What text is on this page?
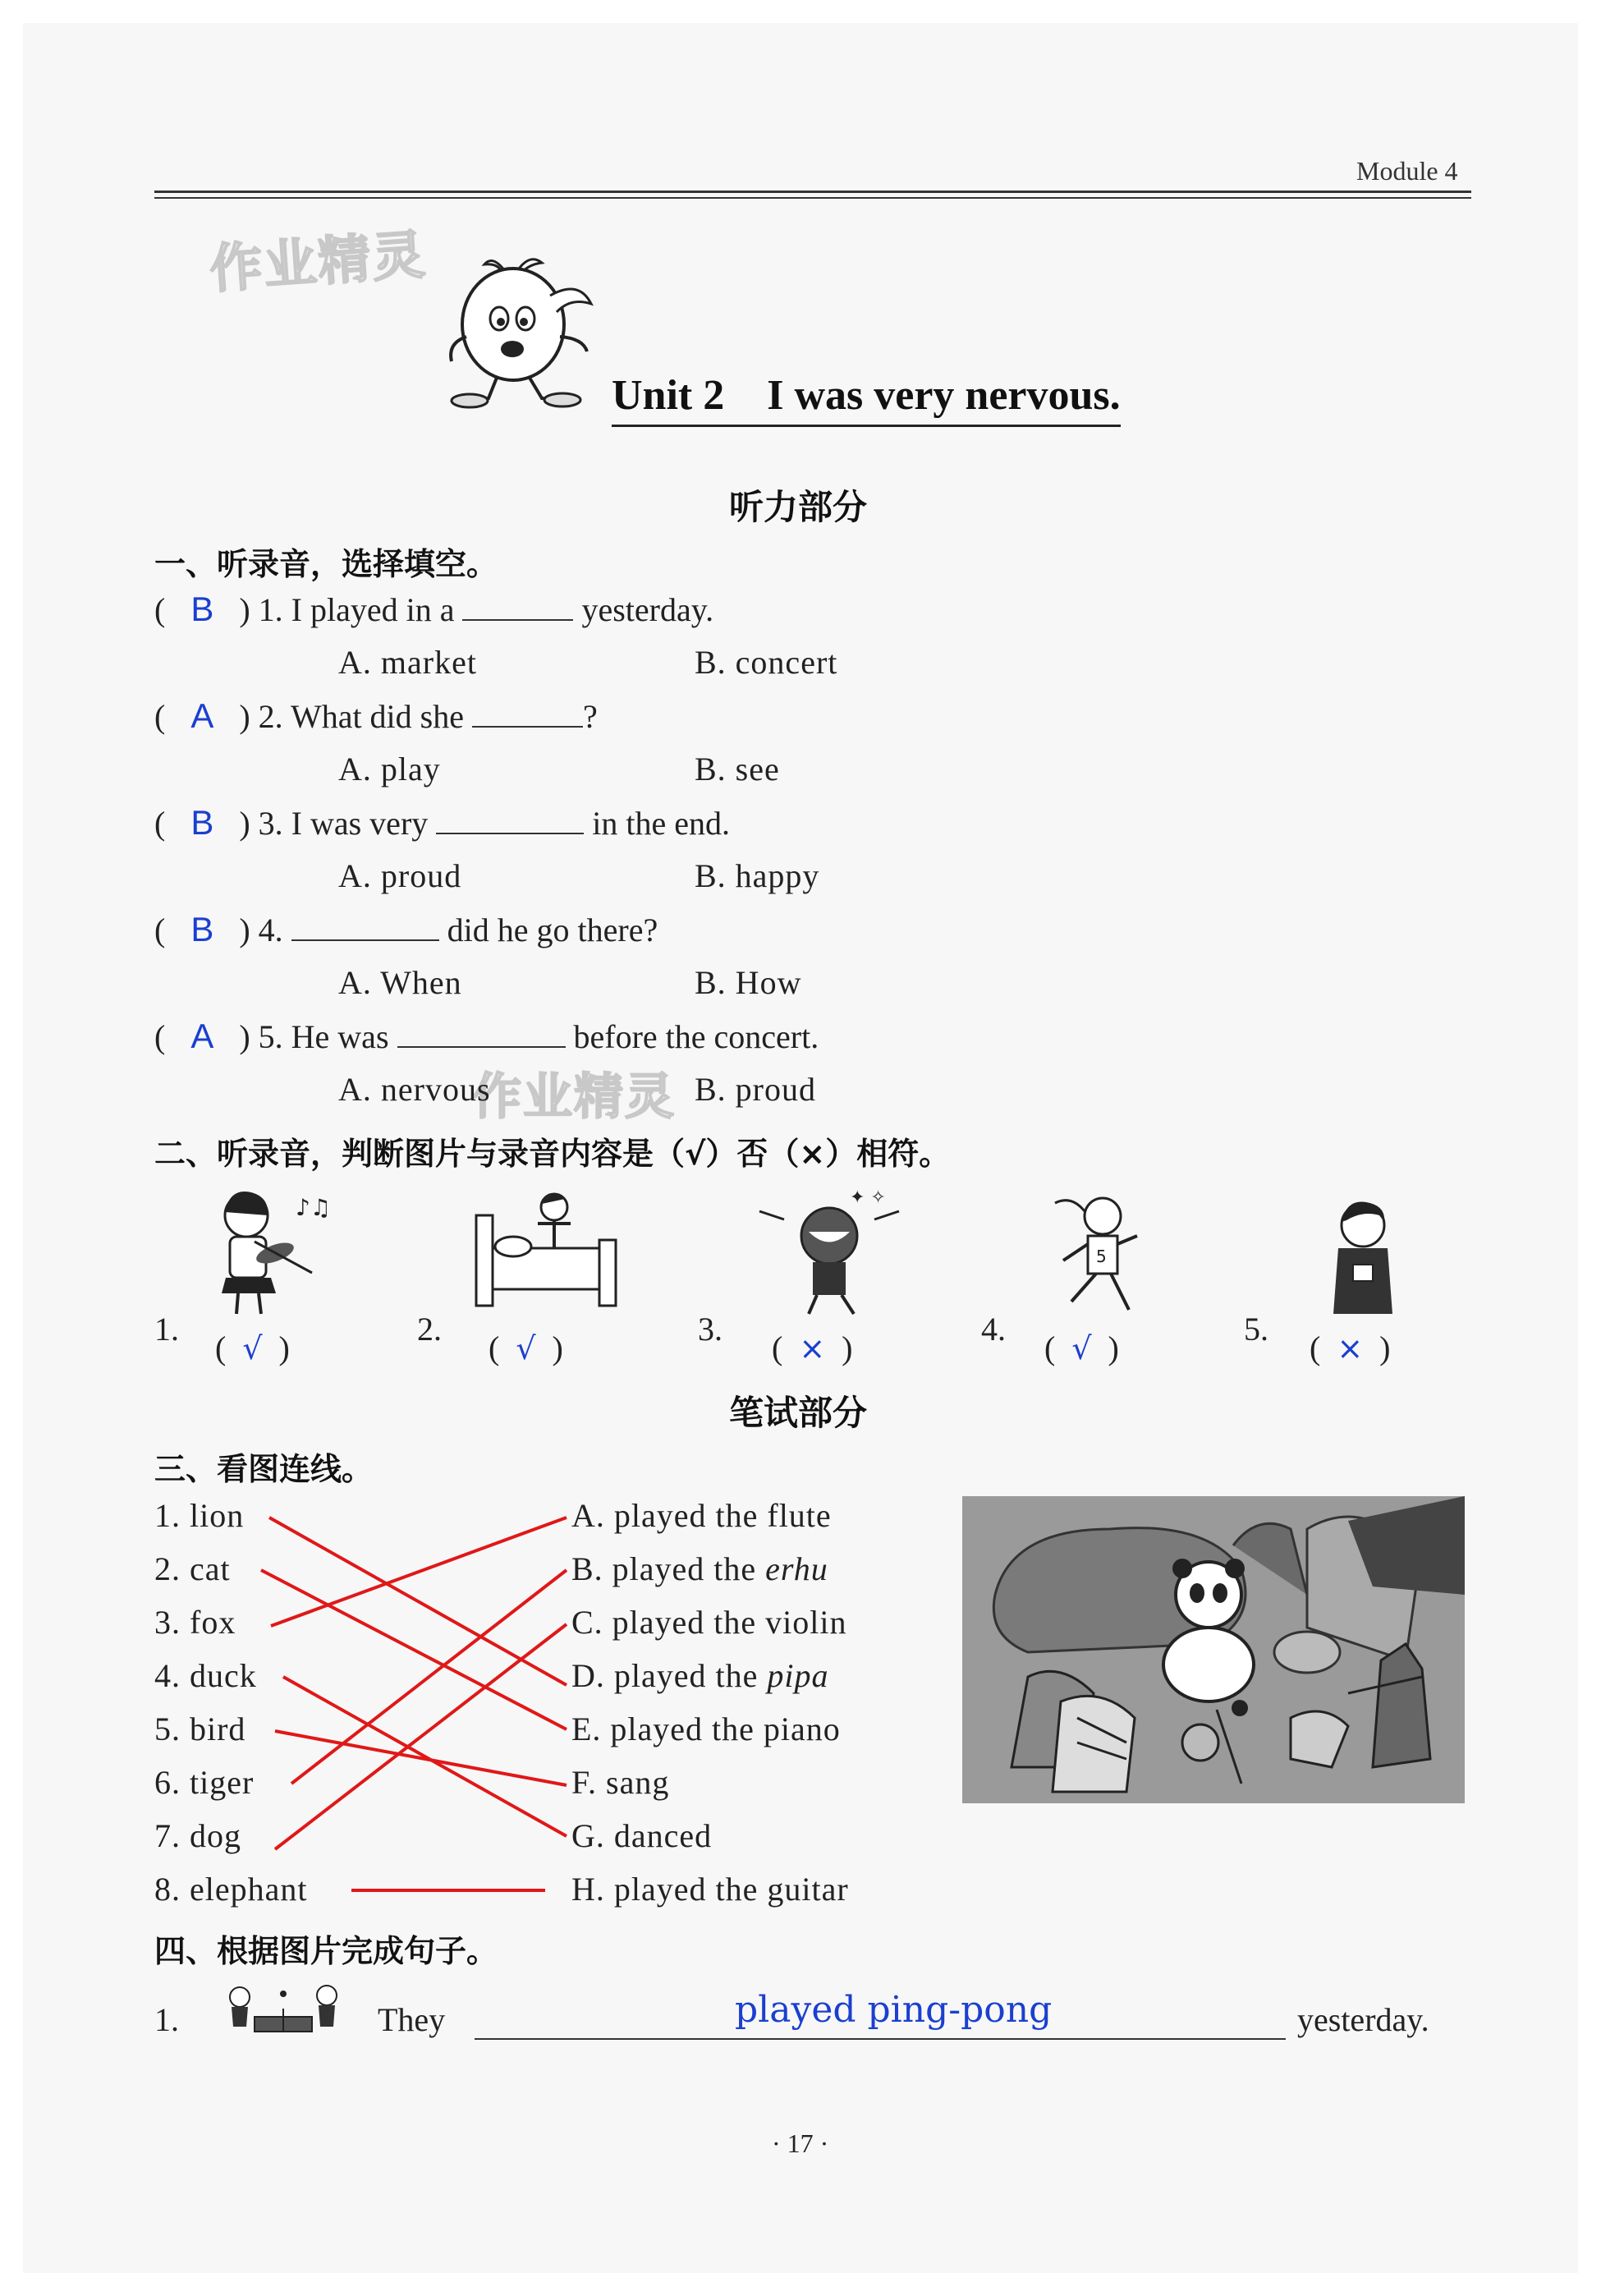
Module 4
作业精灵
作业精灵
Unit 2　I was very nervous.
听力部分
一、听录音，选择填空。
( B ) 1. I played in a	yesterday.
A. market	B. concert
( A ) 2. What did she	?
A. play	B. see
( B ) 3. I was very	in the end.
A. proud	B. happy
( B ) 4.	did he go there?
A. When	B. How
( A ) 5. He was	before the concert.
A. nervous	B. proud
二、听录音，判断图片与录音内容是（√）否（×）相符。
♪♫	✦ ✧
5
1.
(  √  )
2.
(  √  )
3.
(  ×  )
4.
(  √  )
5.
(  ×  )
笔试部分
三、看图连线。
1. lion
2. cat
3. fox
4. duck
5. bird
6. tiger
7. dog
8. elephant
A. played the flute
B. played the erhu
C. played the violin
D. played the pipa
E. played the piano
F. sang
G. danced
H. played the guitar
四、根据图片完成句子。
1.	They	played ping-pong	yesterday.
· 17 ·
